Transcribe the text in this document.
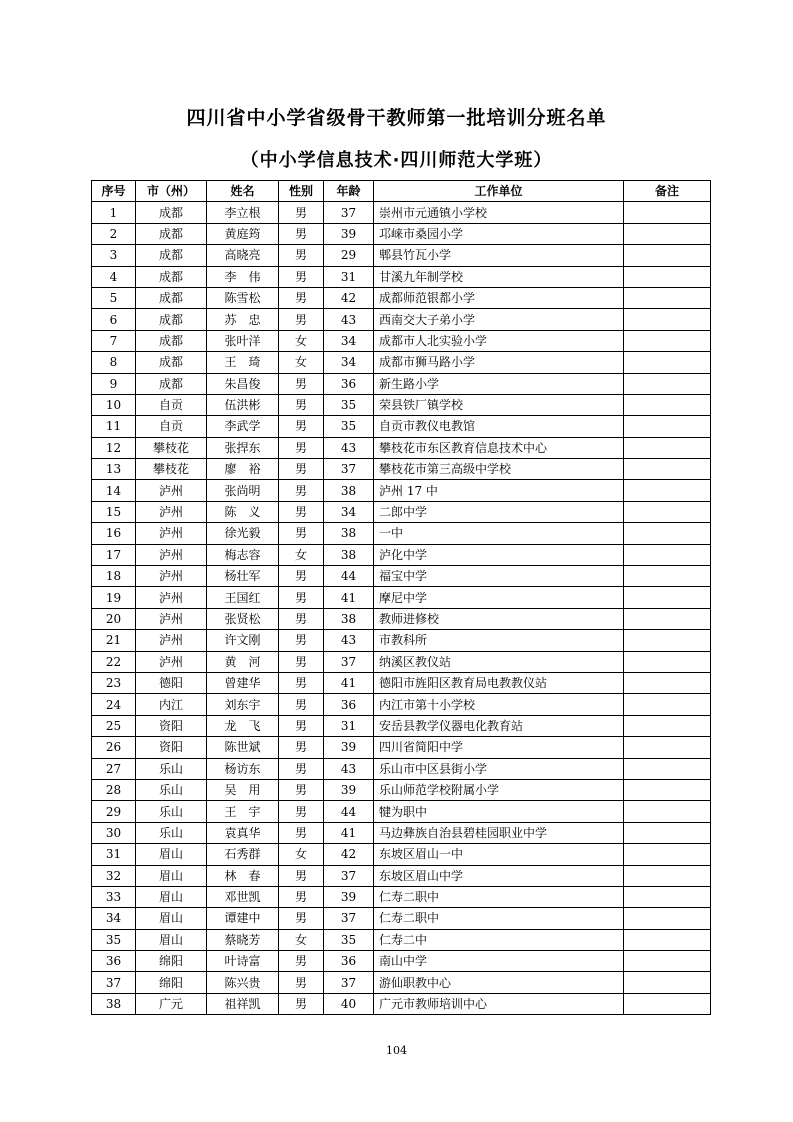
四川省中小学省级骨干教师第一批培训分班名单
（中小学信息技术·四川师范大学班）
序号	市（州）	姓名	性别	年龄	工作单位	备注
1	成都	李立根	男	37	崇州市元通镇小学校	
2	成都	黄庭筠	男	39	邛崃市桑园小学	
3	成都	高晓亮	男	29	郫县竹瓦小学	
4	成都	李　伟	男	31	甘溪九年制学校	
5	成都	陈雪松	男	42	成都师范银都小学	
6	成都	苏　忠	男	43	西南交大子弟小学	
7	成都	张叶洋	女	34	成都市人北实验小学	
8	成都	王　琦	女	34	成都市狮马路小学	
9	成都	朱昌俊	男	36	新生路小学	
10	自贡	伍洪彬	男	35	荣县铁厂镇学校	
11	自贡	李武学	男	35	自贡市教仪电教馆	
12	攀枝花	张捍东	男	43	攀枝花市东区教育信息技术中心	
13	攀枝花	廖　裕	男	37	攀枝花市第三高级中学校	
14	泸州	张尚明	男	38	泸州 17 中	
15	泸州	陈　义	男	34	二郎中学	
16	泸州	徐光毅	男	38	一中	
17	泸州	梅志容	女	38	泸化中学	
18	泸州	杨壮军	男	44	福宝中学	
19	泸州	王国红	男	41	摩尼中学	
20	泸州	张贤松	男	38	教师进修校	
21	泸州	许文刚	男	43	市教科所	
22	泸州	黄　河	男	37	纳溪区教仪站	
23	德阳	曾建华	男	41	德阳市旌阳区教育局电教教仪站	
24	内江	刘东宇	男	36	内江市第十小学校	
25	资阳	龙　飞	男	31	安岳县教学仪器电化教育站	
26	资阳	陈世斌	男	39	四川省简阳中学	
27	乐山	杨访东	男	43	乐山市中区县街小学	
28	乐山	吴　用	男	39	乐山师范学校附属小学	
29	乐山	王　宇	男	44	犍为职中	
30	乐山	袁真华	男	41	马边彝族自治县碧桂园职业中学	
31	眉山	石秀群	女	42	东坡区眉山一中	
32	眉山	林　春	男	37	东坡区眉山中学	
33	眉山	邓世凯	男	39	仁寿二职中	
34	眉山	谭建中	男	37	仁寿二职中	
35	眉山	蔡晓芳	女	35	仁寿二中	
36	绵阳	叶诗富	男	36	南山中学	
37	绵阳	陈兴贵	男	37	游仙职教中心	
38	广元	祖祥凯	男	40	广元市教师培训中心	
104
